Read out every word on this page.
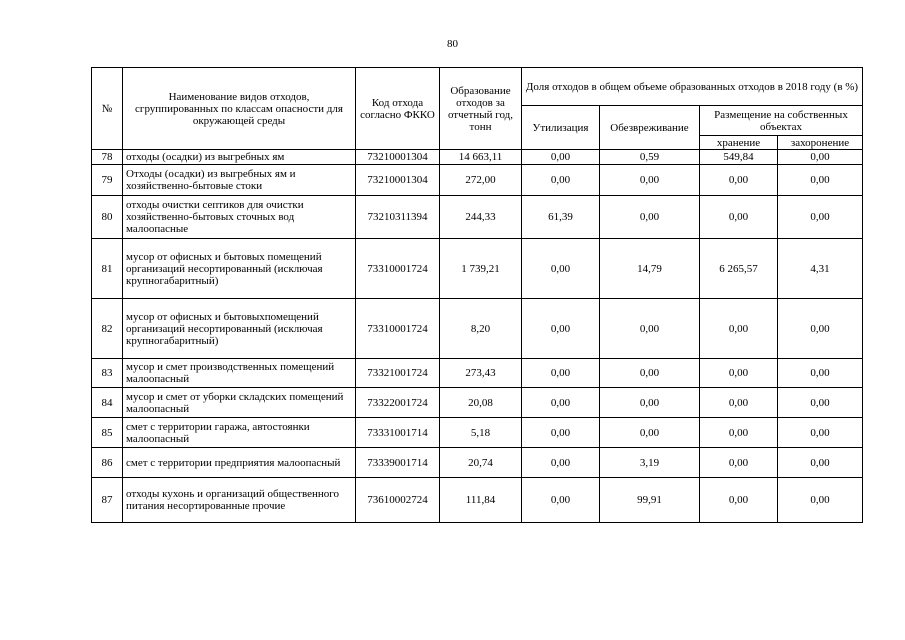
80
№	Наименование видов отходов, сгруппированных по классам опасности для окружающей среды	Код отхода согласно ФККО	Образование отходов за отчетный год, тонн	Доля отходов в общем объеме образованных отходов в 2018 году (в %)			
				Утилизация	Обезвреживание	Размещение на собственных объектах	
						хранение	захоронение
78	отходы (осадки) из выгребных ям	73210001304	14 663,11	0,00	0,59	549,84	0,00
79	Отходы (осадки) из выгребных ям и хозяйственно-бытовые стоки	73210001304	272,00	0,00	0,00	0,00	0,00
80	отходы очистки септиков для очистки хозяйственно-бытовых сточных вод малоопасные	73210311394	244,33	61,39	0,00	0,00	0,00
81	мусор от офисных и бытовых помещений организаций несортированный (исключая крупногабаритный)	73310001724	1 739,21	0,00	14,79	6 265,57	4,31
82	мусор от офисных и бытовыхпомещений организаций несортированный (исключая крупногабаритный)	73310001724	8,20	0,00	0,00	0,00	0,00
83	мусор и смет производственных помещений малоопасный	73321001724	273,43	0,00	0,00	0,00	0,00
84	мусор и смет от уборки складских помещений малоопасный	73322001724	20,08	0,00	0,00	0,00	0,00
85	смет с территории гаража, автостоянки малоопасный	73331001714	5,18	0,00	0,00	0,00	0,00
86	смет с территории предприятия малоопасный	73339001714	20,74	0,00	3,19	0,00	0,00
87	отходы кухонь и организаций общественного питания несортированные прочие	73610002724	111,84	0,00	99,91	0,00	0,00
